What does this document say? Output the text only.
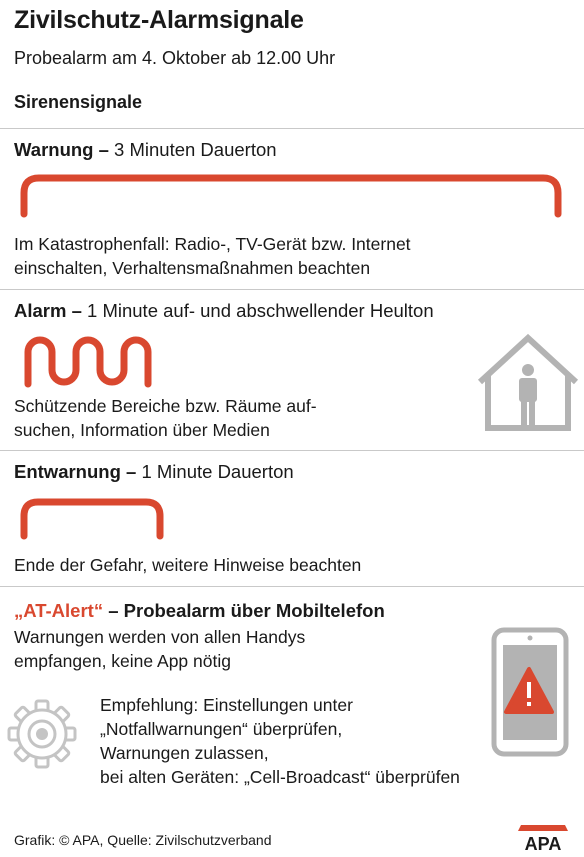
Zivilschutz-Alarmsignale
Probealarm am 4. Oktober ab 12.00 Uhr
Sirenensignale
Warnung – 3 Minuten Dauerton
Im Katastrophenfall: Radio-, TV-Gerät bzw. Internet
einschalten, Verhaltensmaßnahmen beachten
Alarm – 1 Minute auf- und abschwellender Heulton
Schützende Bereiche bzw. Räume auf-
suchen, Information über Medien
Entwarnung – 1 Minute Dauerton
Ende der Gefahr, weitere Hinweise beachten
„AT-Alert“ – Probealarm über Mobiltelefon
Warnungen werden von allen Handys
empfangen, keine App nötig
Empfehlung: Einstellungen unter
„Notfallwarnungen“ überprüfen,
Warnungen zulassen,
bei alten Geräten: „Cell-Broadcast“ überprüfen
Grafik: © APA, Quelle: Zivilschutzverband	APA
